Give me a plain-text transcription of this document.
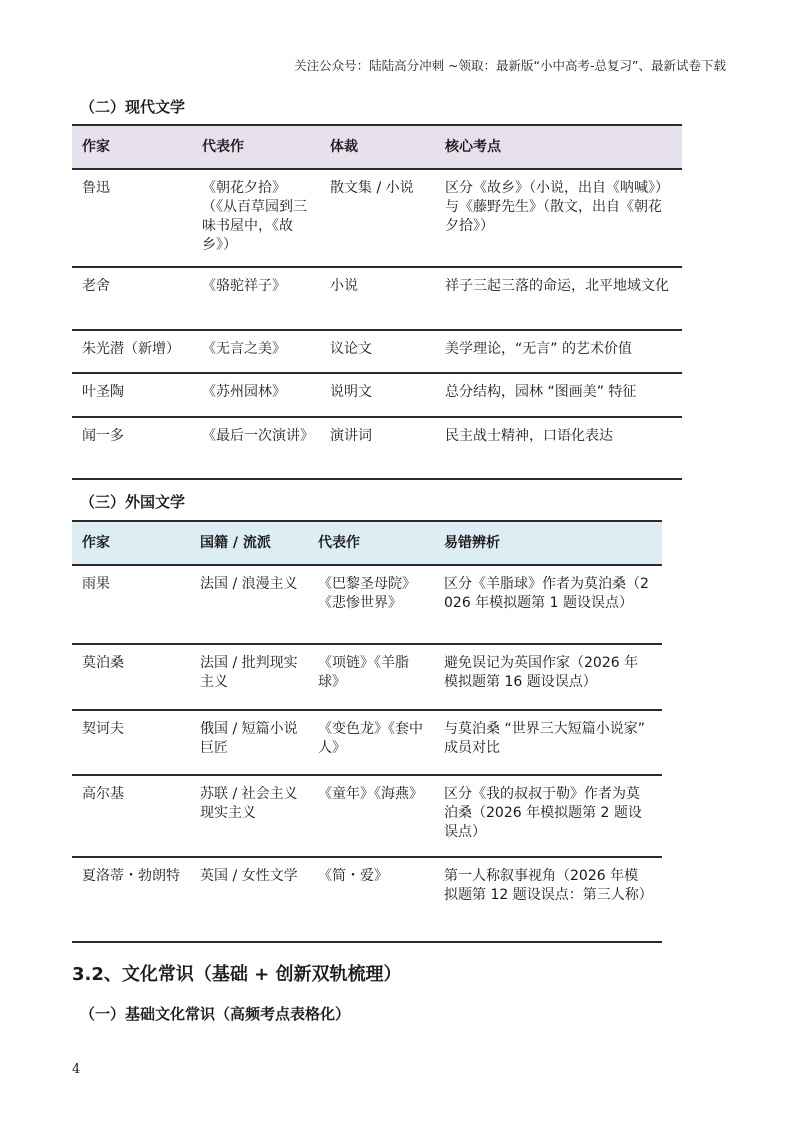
关注公众号：陆陆高分冲刺 ~领取：最新版“小中高考-总复习”、最新试卷下载
（二）现代文学
作家	代表作	体裁	核心考点
鲁迅	《朝花夕拾》（《从百草园到三味书屋中，《故乡》）	散文集 / 小说	区分《故乡》（小说，出自《呐喊》）与《藤野先生》（散文，出自《朝花夕拾》）
老舍	《骆驼祥子》	小说	祥子三起三落的命运，北平地域文化
朱光潜（新增）	《无言之美》	议论文	美学理论，“无言” 的艺术价值
叶圣陶	《苏州园林》	说明文	总分结构，园林 “图画美” 特征
闻一多	《最后一次演讲》	演讲词	民主战士精神，口语化表达
（三）外国文学
作家	国籍 / 流派	代表作	易错辨析
雨果	法国 / 浪漫主义	《巴黎圣母院》《悲惨世界》	区分《羊脂球》作者为莫泊桑（2026 年模拟题第 1 题设误点）
莫泊桑	法国 / 批判现实主义	《项链》《羊脂球》	避免误记为英国作家（2026 年模拟题第 16 题设误点）
契诃夫	俄国 / 短篇小说巨匠	《变色龙》《套中人》	与莫泊桑 “世界三大短篇小说家” 成员对比
高尔基	苏联 / 社会主义现实主义	《童年》《海燕》	区分《我的叔叔于勒》作者为莫泊桑（2026 年模拟题第 2 题设误点）
夏洛蒂・勃朗特	英国 / 女性文学	《简・爱》	第一人称叙事视角（2026 年模拟题第 12 题设误点：第三人称）
3.2、文化常识（基础 + 创新双轨梳理）
（一）基础文化常识（高频考点表格化）
4
